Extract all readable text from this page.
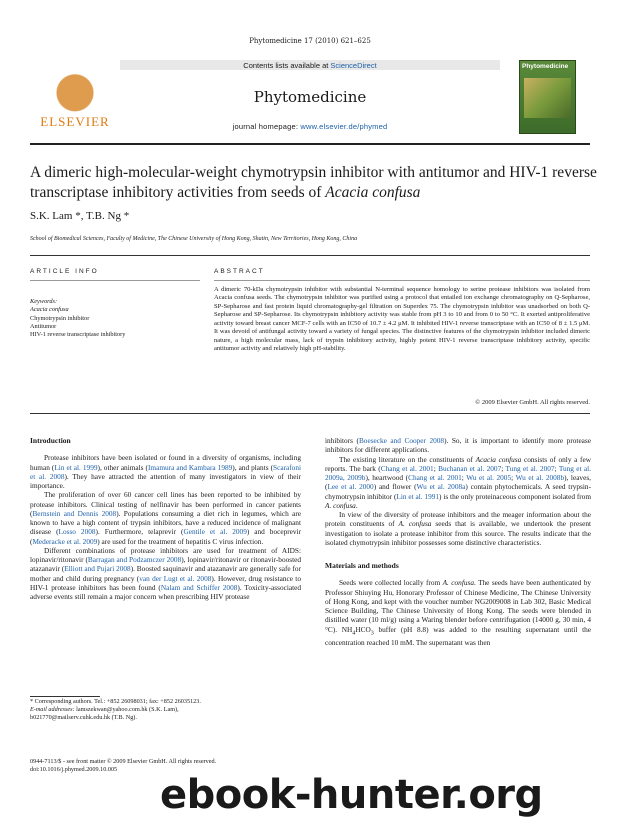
Phytomedicine 17 (2010) 621–625
Contents lists available at ScienceDirect
ELSEVIER
Phytomedicine
journal homepage: www.elsevier.de/phymed
Phytomedicine
A dimeric high-molecular-weight chymotrypsin inhibitor with antitumor and HIV-1 reverse transcriptase inhibitory activities from seeds of Acacia confusa
S.K. Lam *, T.B. Ng *
School of Biomedical Sciences, Faculty of Medicine, The Chinese University of Hong Kong, Shatin, New Territories, Hong Kong, China
ARTICLE INFO	ABSTRACT
Keywords:
Acacia confusa
Chymotrypsin inhibitor
Antitumor
HIV-1 reverse transcriptase inhibitory
A dimeric 70-kDa chymotrypsin inhibitor with substantial N-terminal sequence homology to serine protease inhibitors was isolated from Acacia confusa seeds. The chymotrypsin inhibitor was purified using a protocol that entailed ion exchange chromatography on Q-Sepharose, SP-Sepharose and fast protein liquid chromatography-gel filtration on Superdex 75. The chymotrypsin inhibitor was unadsorbed on both Q-Sepharose and SP-Sepharose. Its chymotrypsin inhibitory activity was stable from pH 3 to 10 and from 0 to 50 °C. It exerted antiproliferative activity toward breast cancer MCF-7 cells with an IC50 of 10.7 ± 4.2 μM. It inhibited HIV-1 reverse transcriptase with an IC50 of 8 ± 1.5 μM. It was devoid of antifungal activity toward a variety of fungal species. The distinctive features of the chymotrypsin inhibitor included dimeric nature, a high molecular mass, lack of trypsin inhibitory activity, highly potent HIV-1 reverse transcriptase inhibitory activity, specific antitumor activity and relatively high pH-stability.
© 2009 Elsevier GmbH. All rights reserved.
Introduction

Protease inhibitors have been isolated or found in a diversity of organisms, including human (Lin et al. 1999), other animals (Imamura and Kambara 1989), and plants (Scarafoni et al. 2008). They have attracted the attention of many investigators in view of their importance.

The proliferation of over 60 cancer cell lines has been reported to be inhibited by protease inhibitors. Clinical testing of nelfinavir has been performed in cancer patients (Bernstein and Dennis 2008). Populations consuming a diet rich in legumes, which are known to have a high content of trypsin inhibitors, have a reduced incidence of malignant disease (Losso 2008). Furthermore, telaprevir (Gentile et al. 2009) and boceprevir (Mederacke et al. 2009) are used for the treatment of hepatitis C virus infection.

Different combinations of protease inhibitors are used for treatment of AIDS: lopinavir/ritonavir (Barragan and Podzamczer 2008), lopinavir/ritonavir or ritonavir-boosted atazanavir (Elliott and Pujari 2008). Boosted saquinavir and atazanavir are generally safe for mother and child during pregnancy (van der Lugt et al. 2008). However, drug resistance to HIV-1 protease inhibitors has been found (Nalam and Schiffer 2008). Toxicity-associated adverse events still remain a major concern when prescribing HIV protease

inhibitors (Boesecke and Cooper 2008). So, it is important to identify more protease inhibitors for different applications.

The existing literature on the constituents of Acacia confusa consists of only a few reports. The bark (Chang et al. 2001; Buchanan et al. 2007; Tung et al. 2007; Tung et al. 2009a, 2009b), heartwood (Chang et al. 2001; Wu et al. 2005; Wu et al. 2008b), leaves, (Lee et al. 2000) and flower (Wu et al. 2008a) contain phytochemicals. A seed trypsin-chymotrypsin inhibitor (Lin et al. 1991) is the only proteinaceous component isolated from A. confusa.

In view of the diversity of protease inhibitors and the meager information about the protein constituents of A. confusa seeds that is available, we undertook the present investigation to isolate a protease inhibitor from this source. The results indicate that the isolated chymotrypsin inhibitor possesses some distinctive characteristics.

Materials and methods

Seeds were collected locally from A. confusa. The seeds have been authenticated by Professor Shiuying Hu, Honorary Professor of Chinese Medicine, The Chinese University of Hong Kong, and kept with the voucher number NG2009008 in Lab 302, Basic Medical Science Building, The Chinese University of Hong Kong. The seeds were blended in distilled water (10 ml/g) using a Waring blender before centrifugation (14000 g, 30 min, 4 °C). $NH_4HCO_3$ buffer (pH 8.8) was added to the resulting supernatant until the concentration reached 10 mM. The supernatant was then

* Corresponding authors. Tel.: +852 26098031; fax: +852 26035123.
E-mail addresses: lamszekwan@yahoo.com.hk (S.K. Lam),
b021770@mailserv.cuhk.edu.hk (T.B. Ng).
0944-7113/$ - see front matter © 2009 Elsevier GmbH. All rights reserved.
doi:10.1016/j.phymed.2009.10.005
ebook-hunter.org
